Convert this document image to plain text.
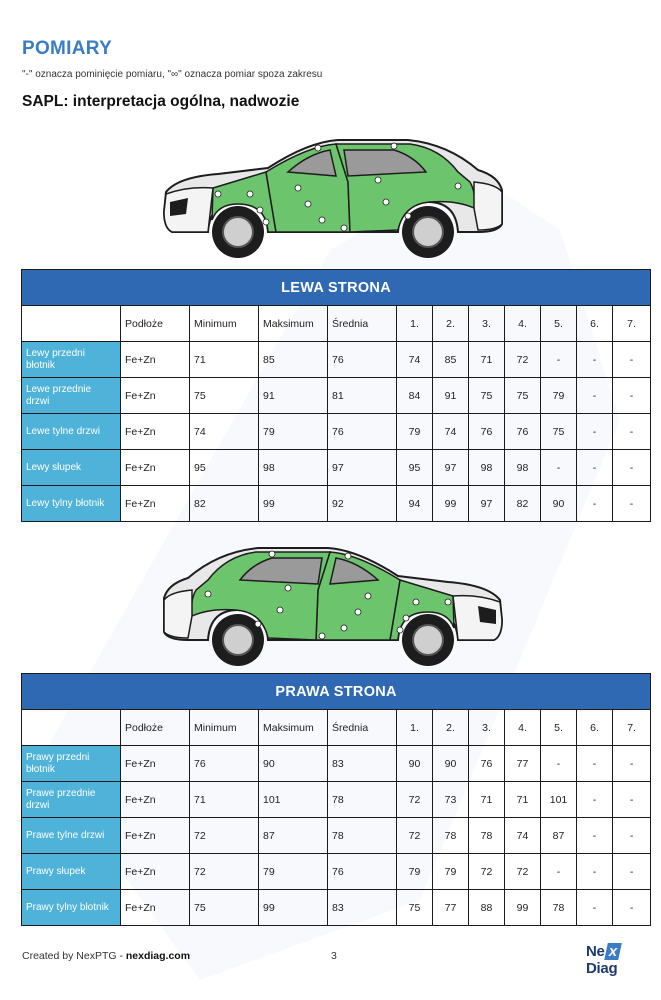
POMIARY
"-" oznacza pominięcie pomiaru, "∞" oznacza pomiar spoza zakresu
SAPL: interpretacja ogólna, nadwozie
LEWA STRONA											
	Podłoże	Minimum	Maksimum	Średnia	1.	2.	3.	4.	5.	6.	7.
Lewy przedni błotnik	Fe+Zn	71	85	76	74	85	71	72	-	-	-
Lewe przednie drzwi	Fe+Zn	75	91	81	84	91	75	75	79	-	-
Lewe tylne drzwi	Fe+Zn	74	79	76	79	74	76	76	75	-	-
Lewy słupek	Fe+Zn	95	98	97	95	97	98	98	-	-	-
Lewy tylny błotnik	Fe+Zn	82	99	92	94	99	97	82	90	-	-
PRAWA STRONA											
	Podłoże	Minimum	Maksimum	Średnia	1.	2.	3.	4.	5.	6.	7.
Prawy przedni błotnik	Fe+Zn	76	90	83	90	90	76	77	-	-	-
Prawe przednie drzwi	Fe+Zn	71	101	78	72	73	71	71	101	-	-
Prawe tylne drzwi	Fe+Zn	72	87	78	72	78	78	74	87	-	-
Prawy słupek	Fe+Zn	72	79	76	79	79	72	72	-	-	-
Prawy tylny błotnik	Fe+Zn	75	99	83	75	77	88	99	78	-	-
Created by NexPTG - nexdiag.com	3	Ne xDiag
